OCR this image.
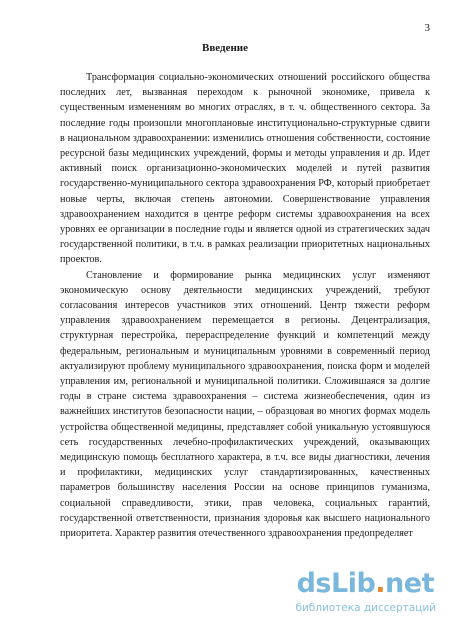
3
Введение

Трансформация социально-экономических отношений российского общества последних лет, вызванная переходом к рыночной экономике, привела к существенным изменениям во многих отраслях, в т. ч. общественного сектора. За последние годы произошли многоплановые институционально-структурные сдвиги в национальном здравоохранении: изменились отношения собственности, состояние ресурсной базы медицинских учреждений, формы и методы управления и др. Идет активный поиск организационно-экономических моделей и путей развития государственно-муниципального сектора здравоохранения РФ, который приобретает новые черты, включая степень автономии. Совершенствование управления здравоохранением находится в центре реформ системы здравоохранения на всех уровнях ее организации в последние годы и является одной из стратегических задач государственной политики, в т.ч. в рамках реализации приоритетных национальных проектов.

Становление и формирование рынка медицинских услуг изменяют экономическую основу деятельности медицинских учреждений, требуют согласования интересов участников этих отношений. Центр тяжести реформ управления здравоохранением перемещается в регионы. Децентрализация, структурная перестройка, перераспределение функций и компетенций между федеральным, региональным и муниципальным уровнями в современный период актуализируют проблему муниципального здравоохранения, поиска форм и моделей управления им, региональной и муниципальной политики. Сложившаяся за долгие годы в стране система здравоохранения – система жизнеобеспечения, один из важнейших институтов безопасности нации, – образцовая во многих формах модель устройства общественной медицины, представляет собой уникальную устоявшуюся сеть государственных лечебно-профилактических учреждений, оказывающих медицинскую помощь бесплатного характера, в т.ч. все виды диагностики, лечения и профилактики, медицинских услуг стандартизированных, качественных параметров большинству населения России на основе принципов гуманизма, социальной справедливости, этики, прав человека, социальных гарантий, государственной ответственности, признания здоровья как высшего национального приоритета. Характер развития отечественного здравоохранения предопределяет

dsLib.net
библиотека диссертаций
